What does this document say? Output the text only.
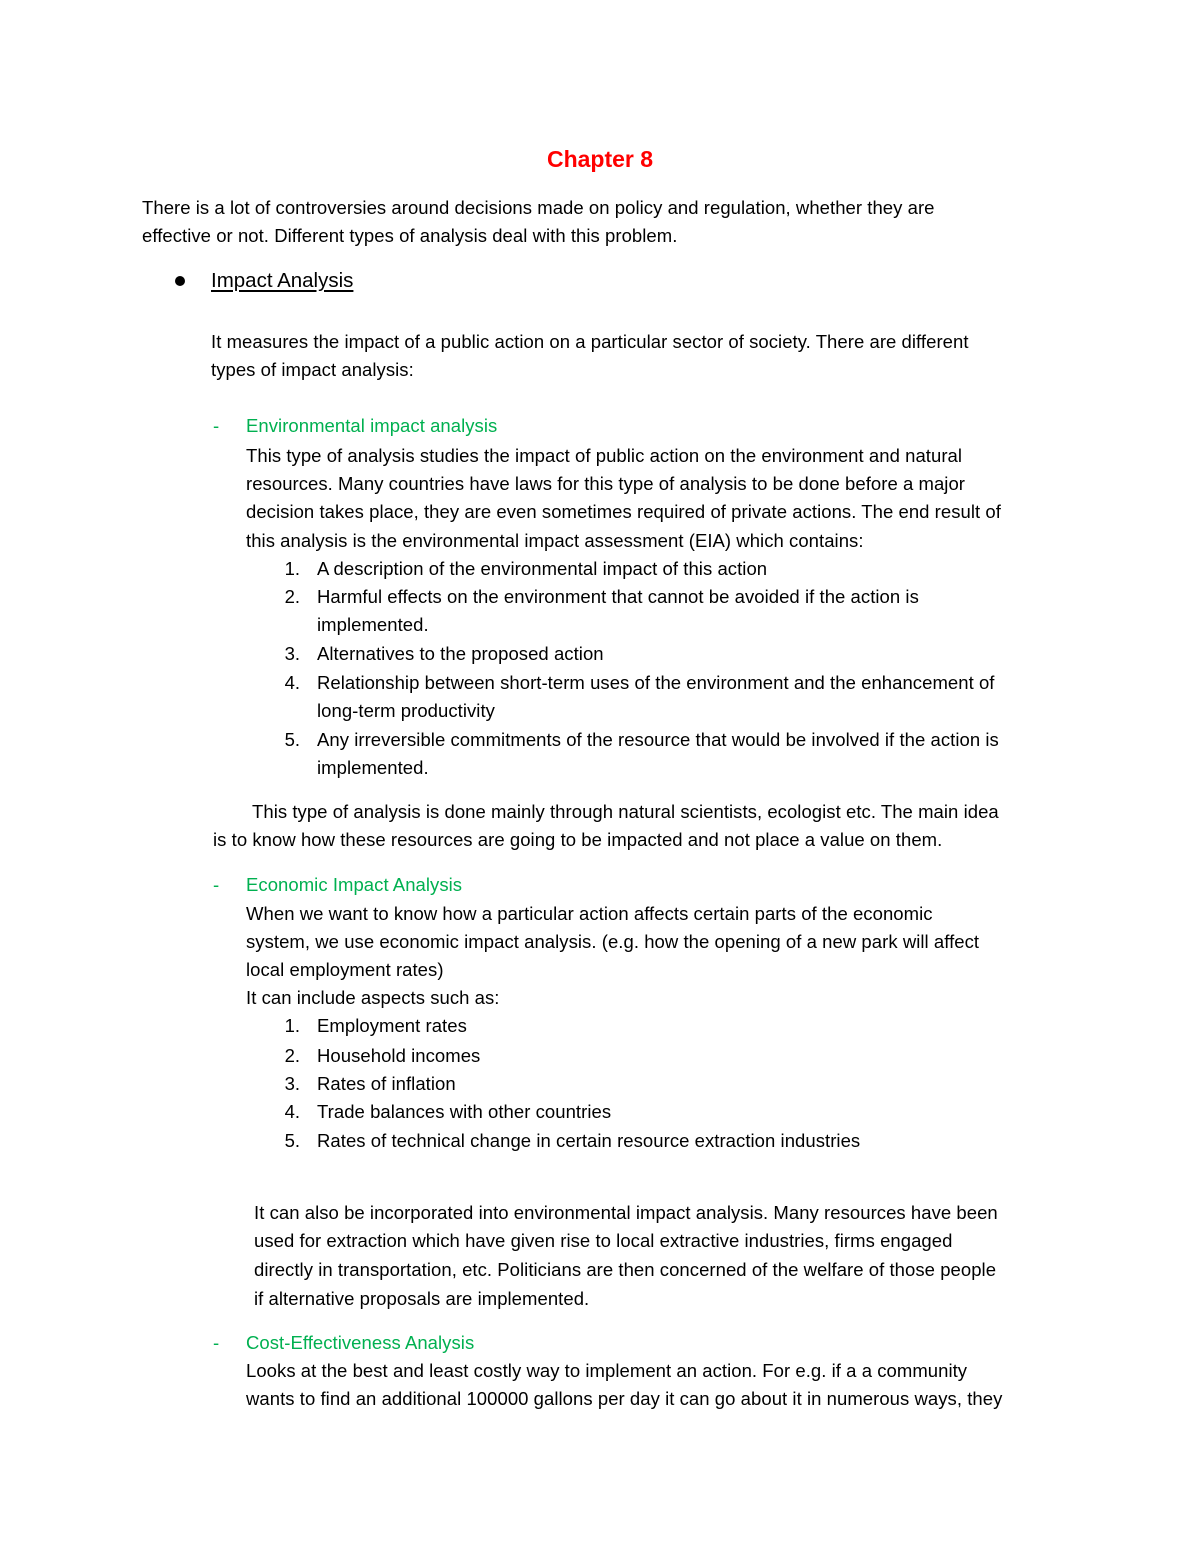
Chapter 8
There is a lot of controversies around decisions made on policy and regulation, whether they are
effective or not. Different types of analysis deal with this problem.
Impact Analysis
It measures the impact of a public action on a particular sector of society. There are different
types of impact analysis:
- Environmental impact analysis
This type of analysis studies the impact of public action on the environment and natural
resources. Many countries have laws for this type of analysis to be done before a major
decision takes place, they are even sometimes required of private actions. The end result of
this analysis is the environmental impact assessment (EIA) which contains:
1. A description of the environmental impact of this action
2. Harmful effects on the environment that cannot be avoided if the action is
implemented.
3. Alternatives to the proposed action
4. Relationship between short-term uses of the environment and the enhancement of
long-term productivity
5. Any irreversible commitments of the resource that would be involved if the action is
implemented.
This type of analysis is done mainly through natural scientists, ecologist etc. The main idea
is to know how these resources are going to be impacted and not place a value on them.
- Economic Impact Analysis
When we want to know how a particular action affects certain parts of the economic
system, we use economic impact analysis. (e.g. how the opening of a new park will affect
local employment rates)
It can include aspects such as:
1. Employment rates
2. Household incomes
3. Rates of inflation
4. Trade balances with other countries
5. Rates of technical change in certain resource extraction industries
It can also be incorporated into environmental impact analysis. Many resources have been
used for extraction which have given rise to local extractive industries, firms engaged
directly in transportation, etc. Politicians are then concerned of the welfare of those people
if alternative proposals are implemented.
- Cost-Effectiveness Analysis
Looks at the best and least costly way to implement an action. For e.g. if a a community
wants to find an additional 100000 gallons per day it can go about it in numerous ways, they
